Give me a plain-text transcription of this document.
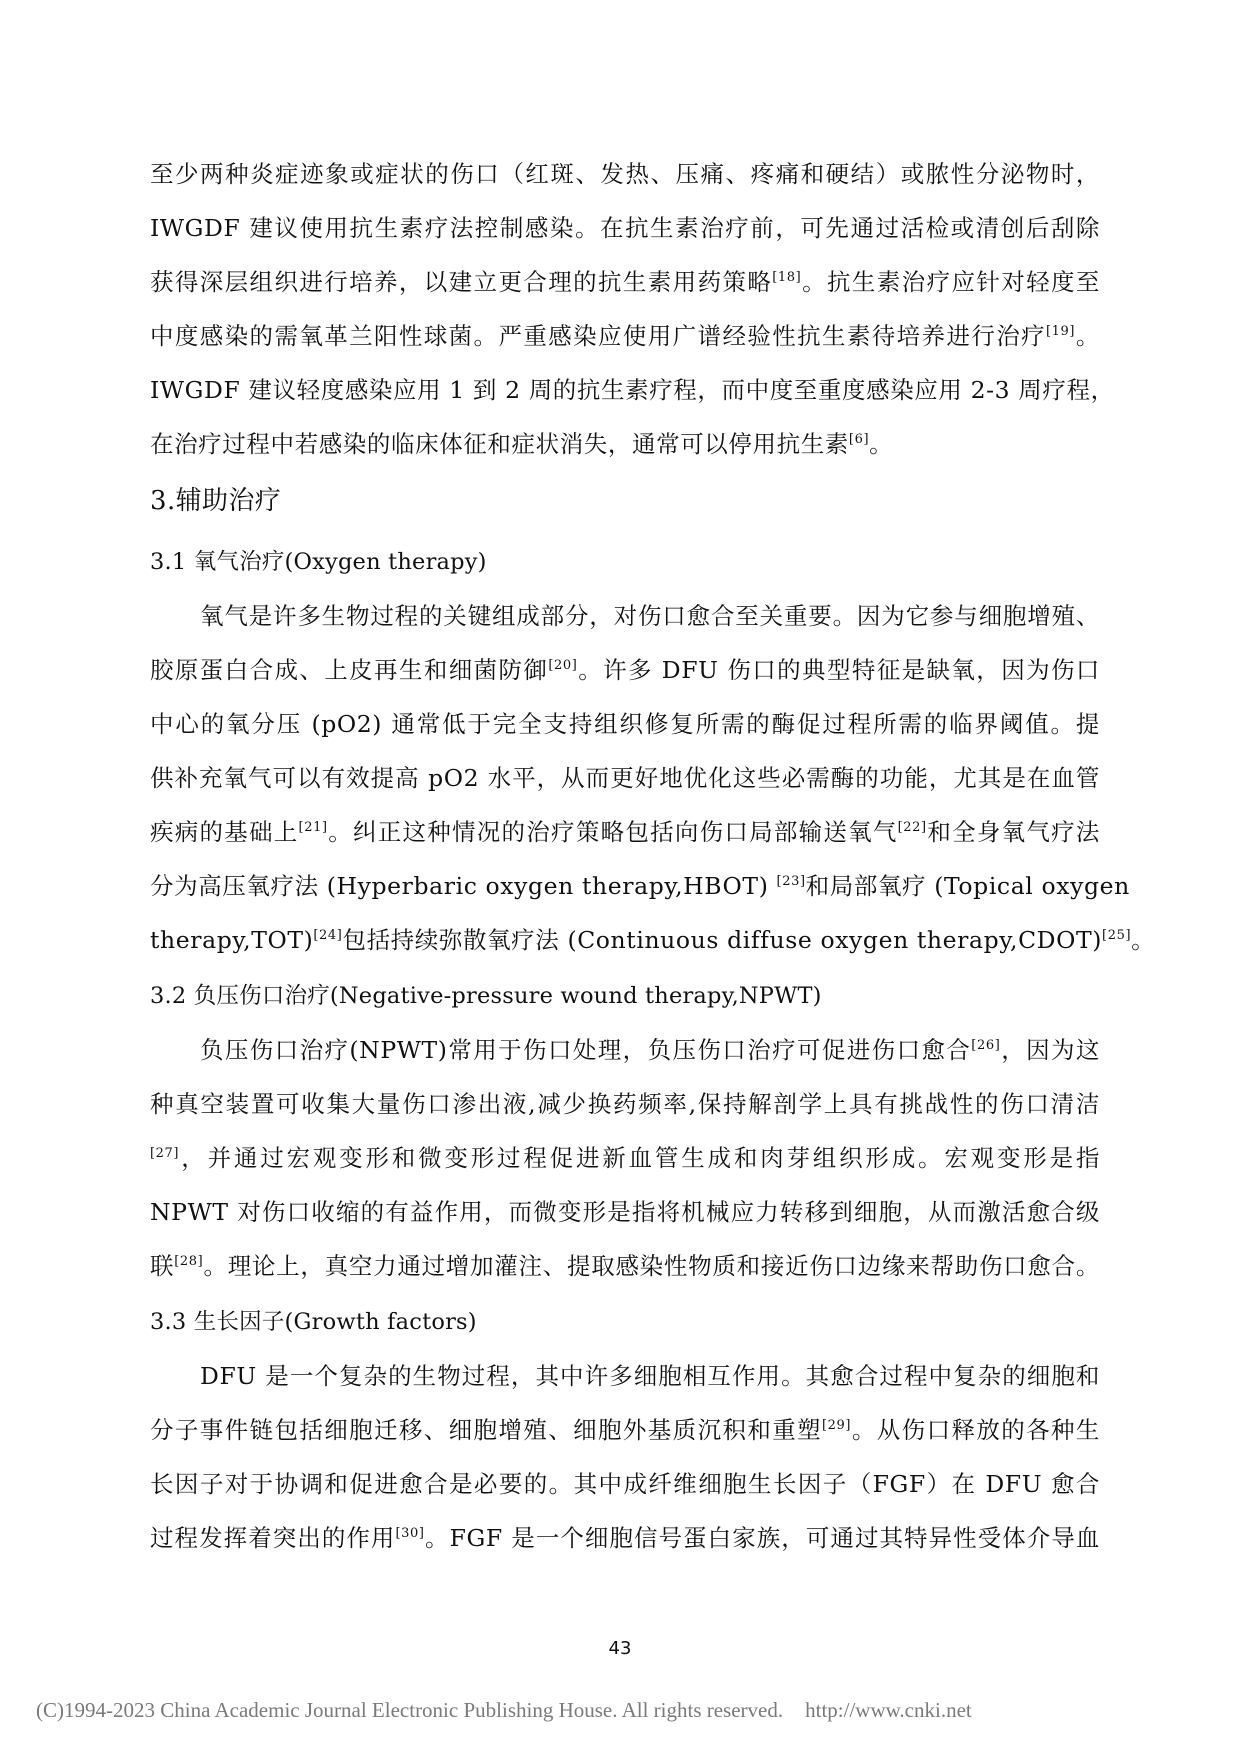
至少两种炎症迹象或症状的伤口（红斑、发热、压痛、疼痛和硬结）或脓性分泌物时，
IWGDF 建议使用抗生素疗法控制感染。在抗生素治疗前，可先通过活检或清创后刮除
获得深层组织进行培养，以建立更合理的抗生素用药策略[18]。抗生素治疗应针对轻度至
中度感染的需氧革兰阳性球菌。严重感染应使用广谱经验性抗生素待培养进行治疗[19]。
IWGDF 建议轻度感染应用 1 到 2 周的抗生素疗程，而中度至重度感染应用 2-3 周疗程，
在治疗过程中若感染的临床体征和症状消失，通常可以停用抗生素[6]。
3.辅助治疗
3.1 氧气治疗(Oxygen therapy)
氧气是许多生物过程的关键组成部分，对伤口愈合至关重要。因为它参与细胞增殖、
胶原蛋白合成、上皮再生和细菌防御[20]。许多 DFU 伤口的典型特征是缺氧，因为伤口
中心的氧分压 (pO2) 通常低于完全支持组织修复所需的酶促过程所需的临界阈值。提
供补充氧气可以有效提高 pO2 水平，从而更好地优化这些必需酶的功能，尤其是在血管
疾病的基础上[21]。纠正这种情况的治疗策略包括向伤口局部输送氧气[22]和全身氧气疗法
分为高压氧疗法 (Hyperbaric oxygen therapy,HBOT) [23]和局部氧疗 (Topical oxygen
therapy,TOT)[24]包括持续弥散氧疗法 (Continuous diffuse oxygen therapy,CDOT)[25]。
3.2 负压伤口治疗(Negative-pressure wound therapy,NPWT)
负压伤口治疗(NPWT)常用于伤口处理，负压伤口治疗可促进伤口愈合[26]，因为这
种真空装置可收集大量伤口渗出液,减少换药频率,保持解剖学上具有挑战性的伤口清洁
[27]，并通过宏观变形和微变形过程促进新血管生成和肉芽组织形成。宏观变形是指
NPWT 对伤口收缩的有益作用，而微变形是指将机械应力转移到细胞，从而激活愈合级
联[28]。理论上，真空力通过增加灌注、提取感染性物质和接近伤口边缘来帮助伤口愈合。
3.3 生长因子(Growth factors)
DFU 是一个复杂的生物过程，其中许多细胞相互作用。其愈合过程中复杂的细胞和
分子事件链包括细胞迁移、细胞增殖、细胞外基质沉积和重塑[29]。从伤口释放的各种生
长因子对于协调和促进愈合是必要的。其中成纤维细胞生长因子（FGF）在 DFU 愈合
过程发挥着突出的作用[30]。FGF 是一个细胞信号蛋白家族，可通过其特异性受体介导血
43
(C)1994-2023 China Academic Journal Electronic Publishing House. All rights reserved. http://www.cnki.net
